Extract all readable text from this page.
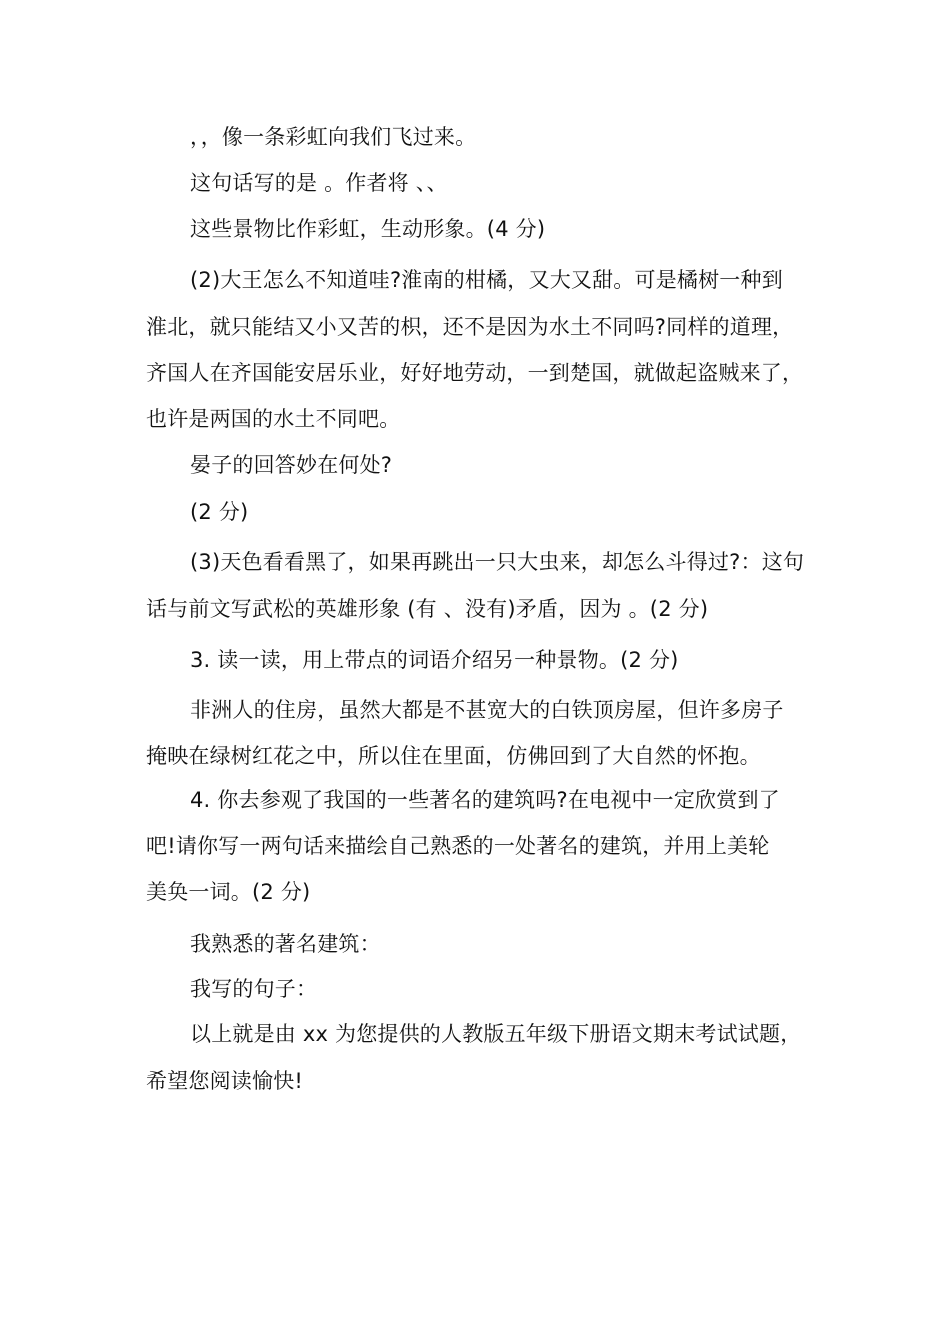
，，像一条彩虹向我们飞过来。
这句话写的是 。作者将 、、
这些景物比作彩虹，生动形象。(4 分)
(2)大王怎么不知道哇?淮南的柑橘，又大又甜。可是橘树一种到
淮北，就只能结又小又苦的枳，还不是因为水土不同吗?同样的道理，
齐国人在齐国能安居乐业，好好地劳动，一到楚国，就做起盗贼来了，
也许是两国的水土不同吧。
晏子的回答妙在何处?
(2 分)
(3)天色看看黑了，如果再跳出一只大虫来，却怎么斗得过?：这句
话与前文写武松的英雄形象 (有 、没有)矛盾，因为 。(2 分)
3. 读一读，用上带点的词语介绍另一种景物。(2 分)
非洲人的住房，虽然大都是不甚宽大的白铁顶房屋，但许多房子
掩映在绿树红花之中，所以住在里面，仿佛回到了大自然的怀抱。
4. 你去参观了我国的一些著名的建筑吗?在电视中一定欣赏到了
吧!请你写一两句话来描绘自己熟悉的一处著名的建筑，并用上美轮
美奂一词。(2 分)
我熟悉的著名建筑：
我写的句子：
以上就是由 xx 为您提供的人教版五年级下册语文期末考试试题，
希望您阅读愉快!
